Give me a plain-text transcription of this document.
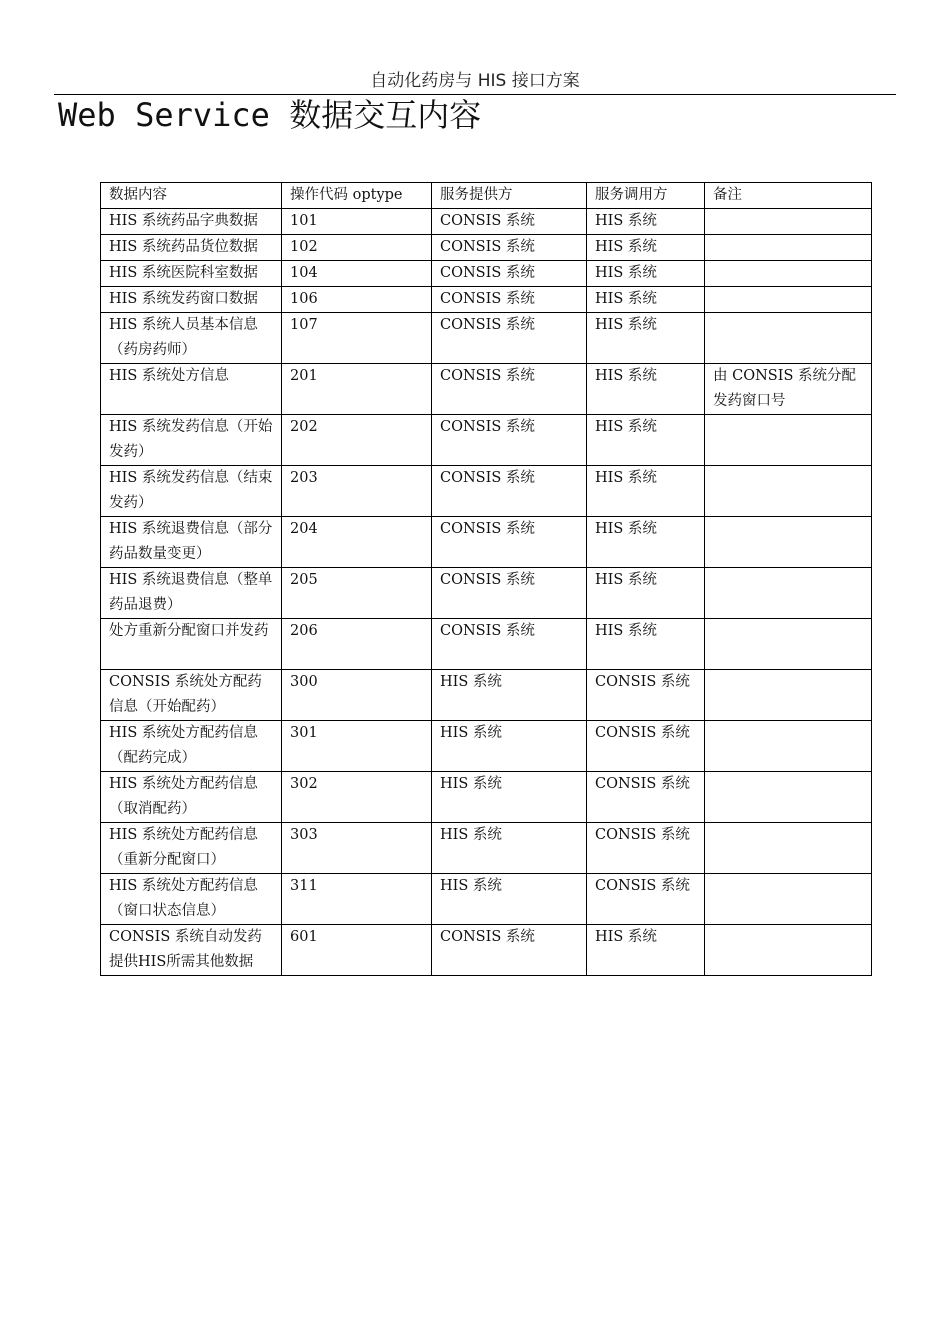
自动化药房与 HIS 接口方案
Web Service 数据交互内容
数据内容	操作代码 optype	服务提供方	服务调用方	备注
HIS 系统药品字典数据	101	CONSIS 系统	HIS 系统	
HIS 系统药品货位数据	102	CONSIS 系统	HIS 系统	
HIS 系统医院科室数据	104	CONSIS 系统	HIS 系统	
HIS 系统发药窗口数据	106	CONSIS 系统	HIS 系统	
HIS 系统人员基本信息（药房药师）	107	CONSIS 系统	HIS 系统	
HIS 系统处方信息	201	CONSIS 系统	HIS 系统	由 CONSIS 系统分配发药窗口号
HIS 系统发药信息（开始发药）	202	CONSIS 系统	HIS 系统	
HIS 系统发药信息（结束发药）	203	CONSIS 系统	HIS 系统	
HIS 系统退费信息（部分药品数量变更）	204	CONSIS 系统	HIS 系统	
HIS 系统退费信息（整单药品退费）	205	CONSIS 系统	HIS 系统	
处方重新分配窗口并发药	206	CONSIS 系统	HIS 系统	
CONSIS 系统处方配药信息（开始配药）	300	HIS 系统	CONSIS 系统	
HIS 系统处方配药信息（配药完成）	301	HIS 系统	CONSIS 系统	
HIS 系统处方配药信息（取消配药）	302	HIS 系统	CONSIS 系统	
HIS 系统处方配药信息（重新分配窗口）	303	HIS 系统	CONSIS 系统	
HIS 系统处方配药信息（窗口状态信息）	311	HIS 系统	CONSIS 系统	
CONSIS 系统自动发药提供HIS所需其他数据	601	CONSIS 系统	HIS 系统	
